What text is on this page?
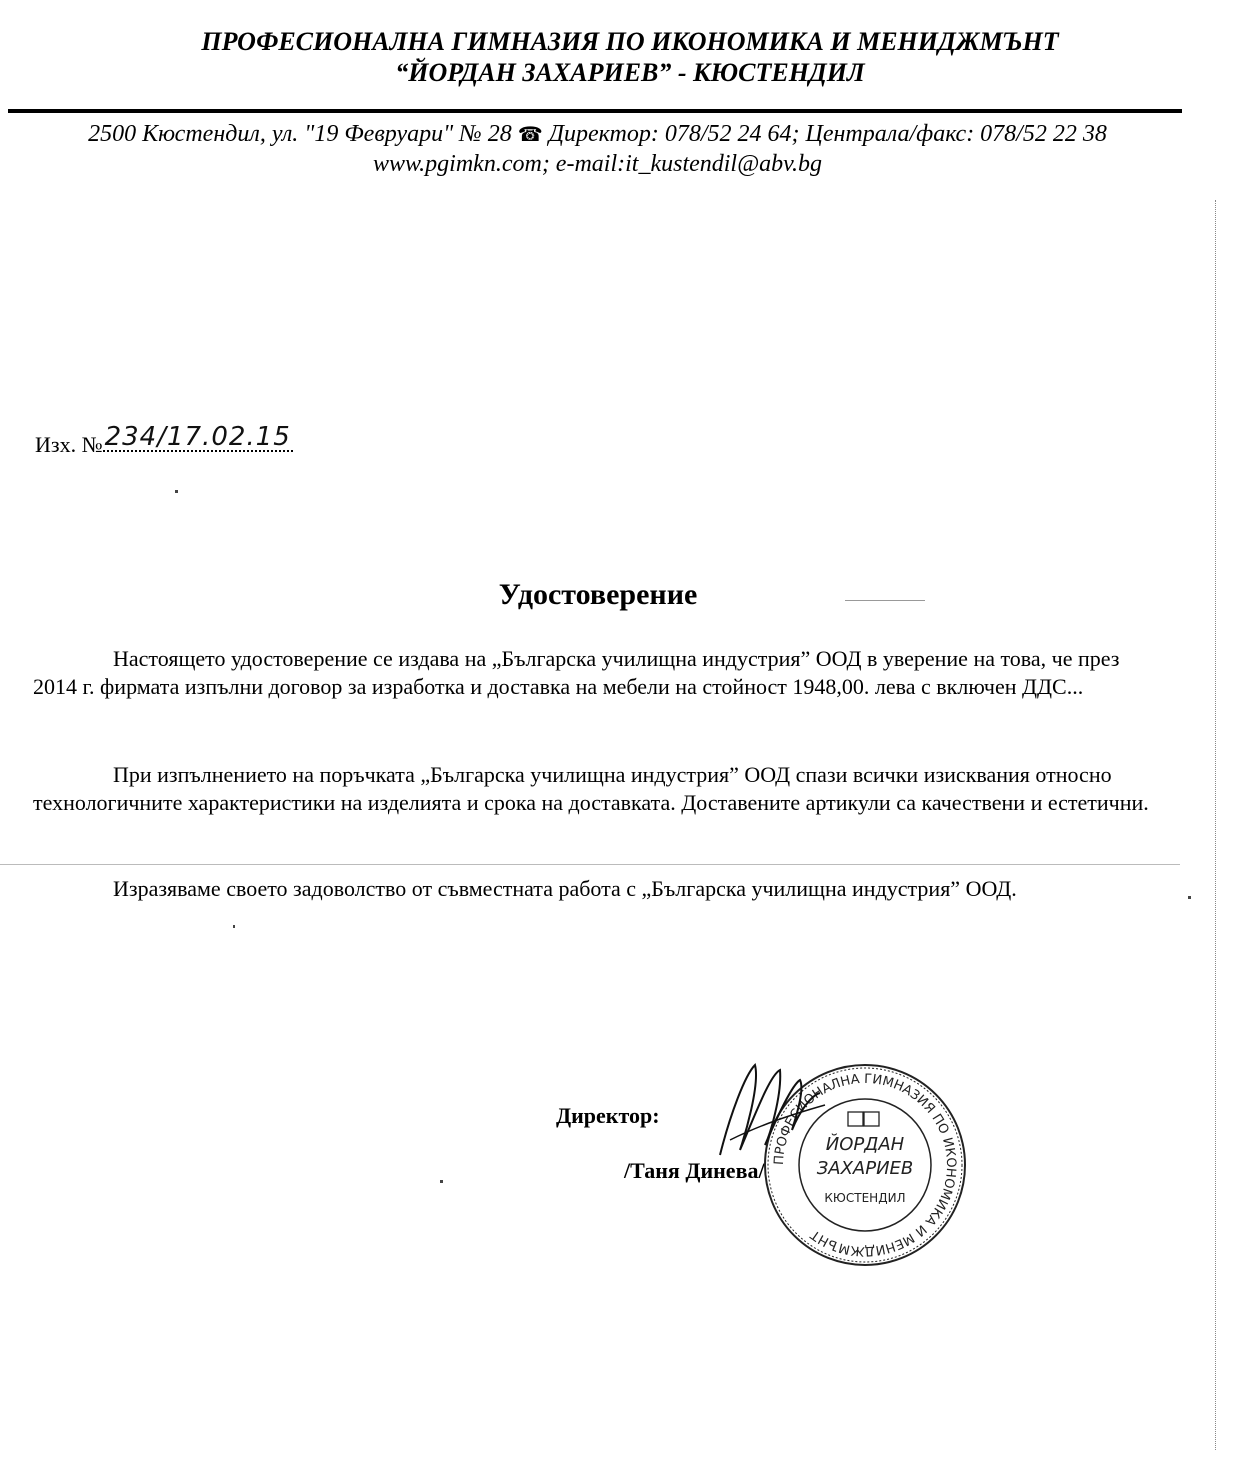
ПРОФЕСИОНАЛНА ГИМНАЗИЯ ПО ИКОНОМИКА И МЕНИДЖМЪНТ
“ЙОРДАН ЗАХАРИЕВ” - КЮСТЕНДИЛ
2500 Кюстендил, ул. "19 Февруари" № 28 ☎ Директор: 078/52 24 64; Централа/факс: 078/52 22 38
www.pgimkn.com; e-mail:it_kustendil@abv.bg
Изх. № 234/17.02.15
Удостоверение
Настоящето удостоверение се издава на „Българска училищна индустрия” ООД в уверение на това, че през 2014 г. фирмата изпълни договор за изработка и доставка на мебели на стойност 1948,00. лева с включен ДДС...
При изпълнението на поръчката „Българска училищна индустрия” ООД спази всички изисквания относно технологичните характеристики на изделията и срока на доставката. Доставените артикули са качествени и естетични.
Изразяваме своето задоволство от съвместната работа с „Българска училищна индустрия” ООД.
Директор:
/Таня Динева/ ПРОФЕСИОНАЛНА ГИМНАЗИЯ ПО ИКОНОМИКА И МЕНИДЖМЪНТ
ЙОРДАН
ЗАХАРИЕВ
КЮСТЕНДИЛ
